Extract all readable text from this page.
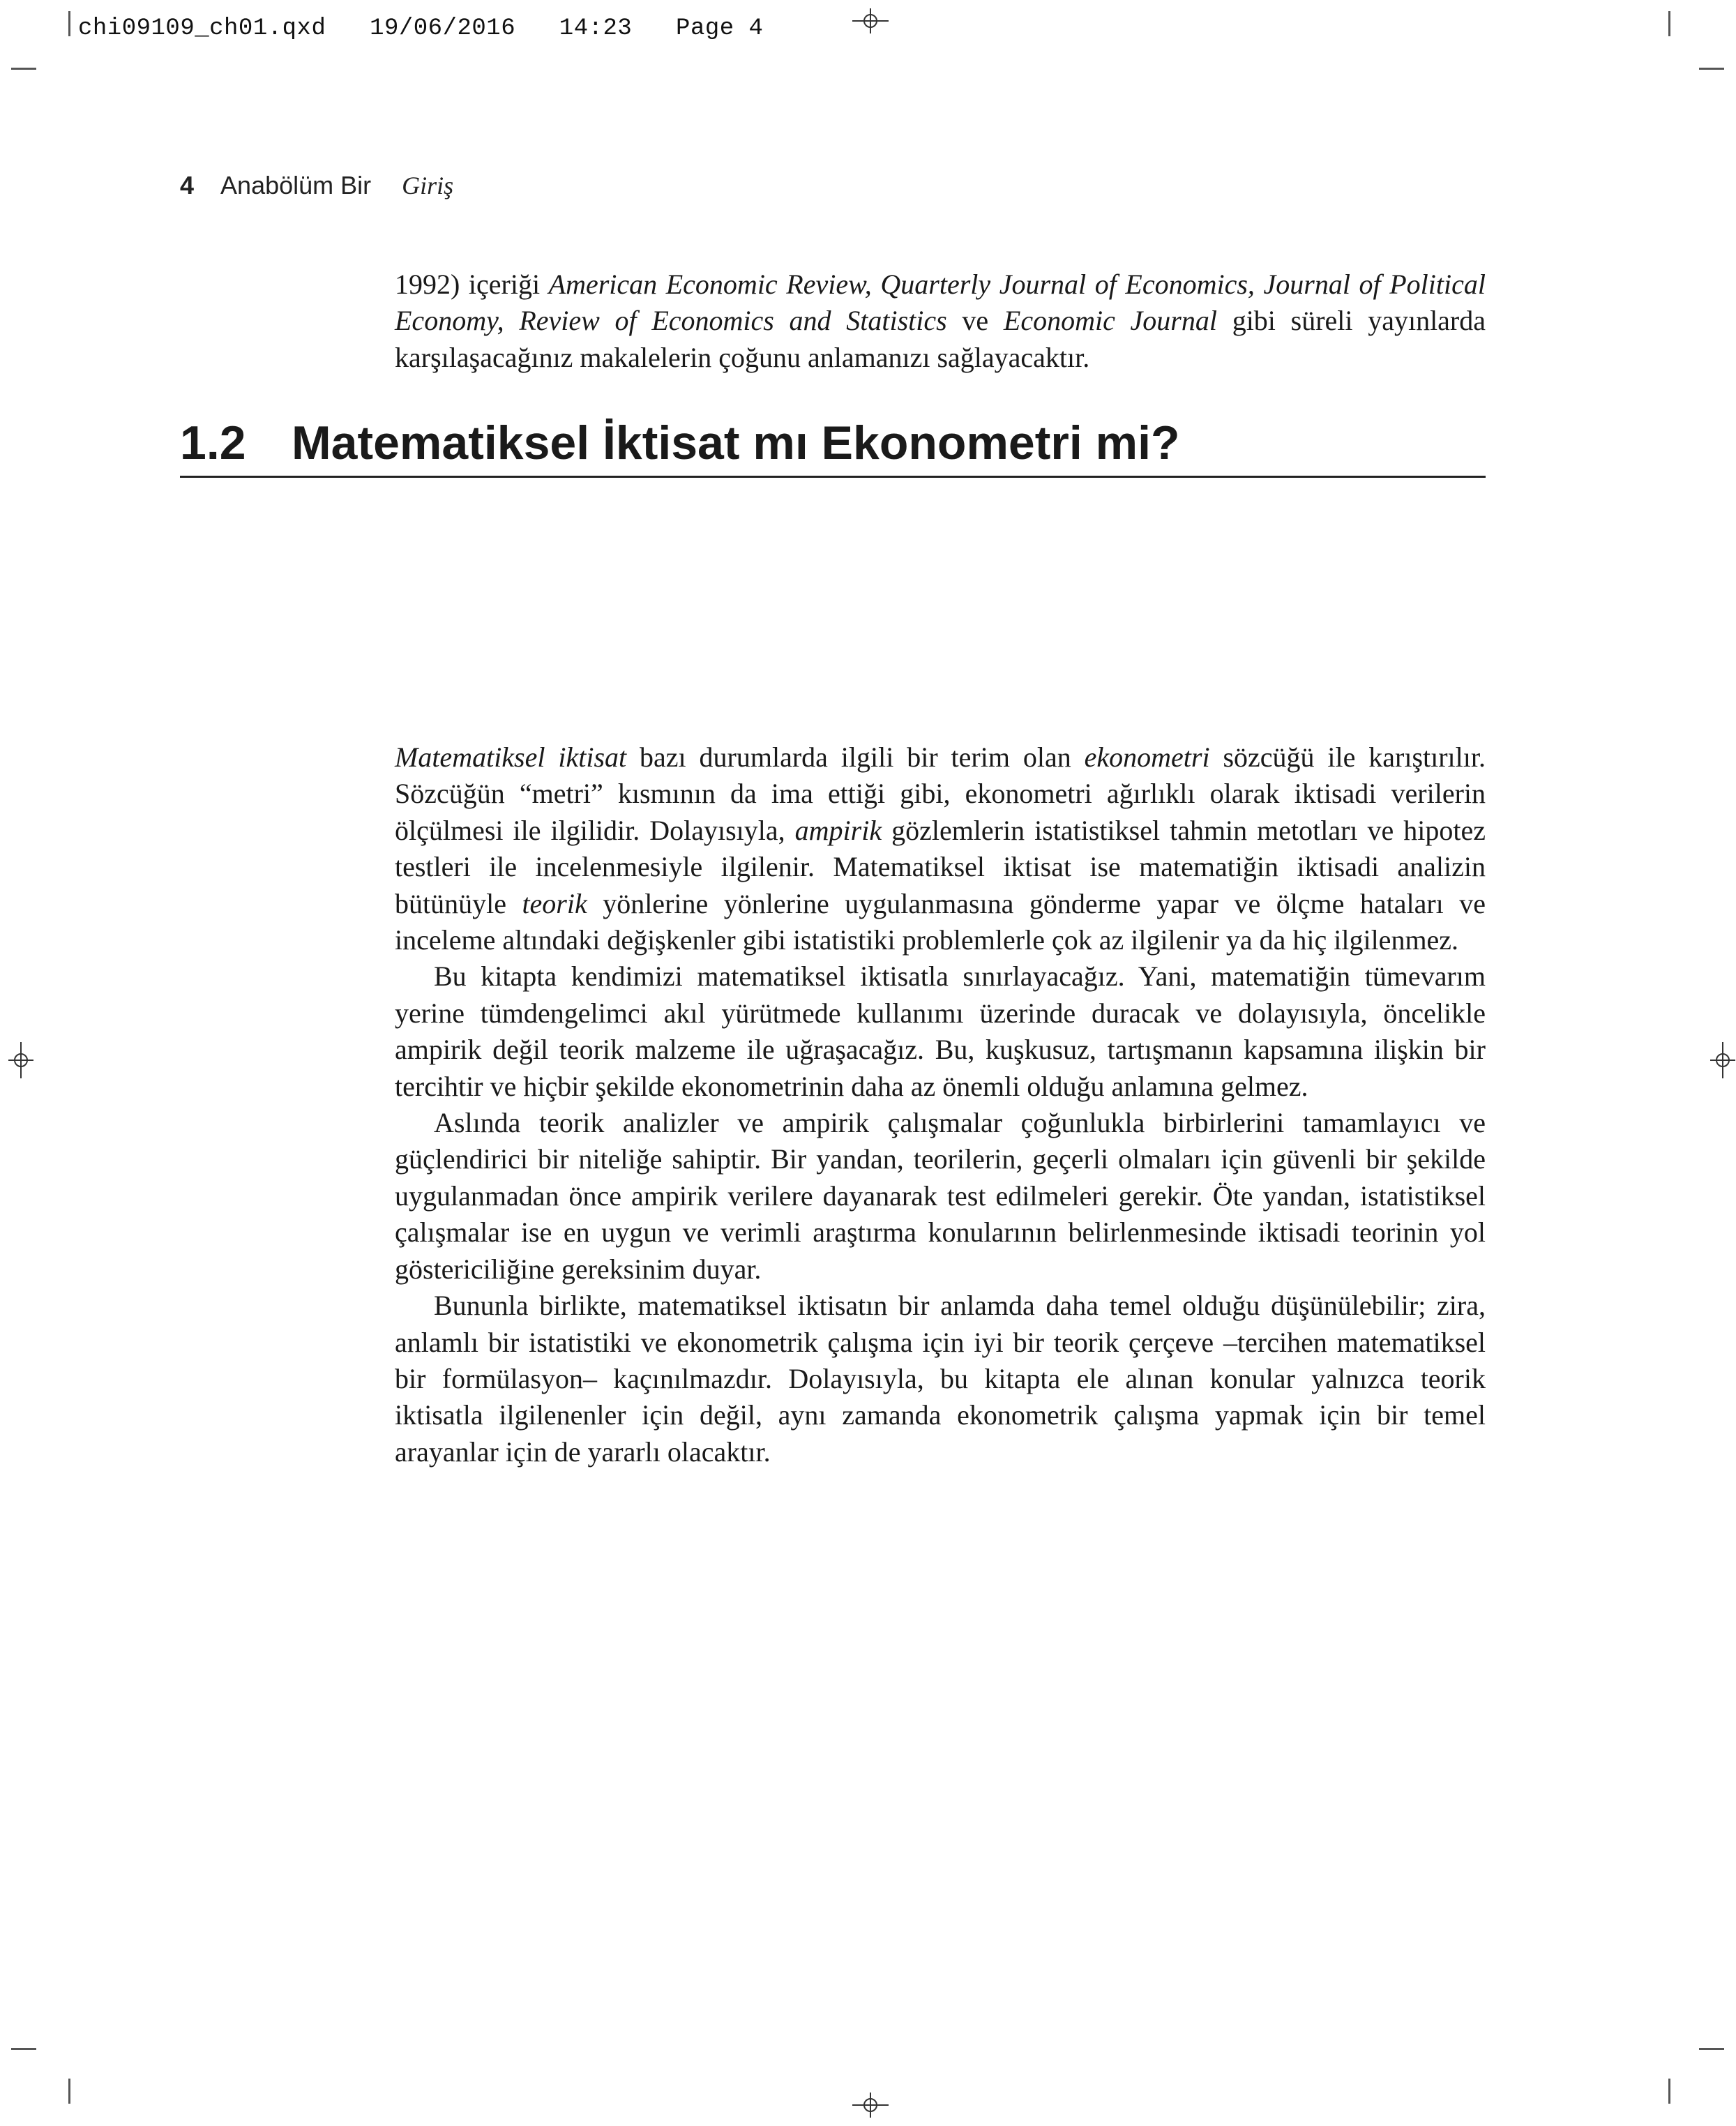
chi09109_ch01.qxd   19/06/2016   14:23   Page 4
4 Anabölüm Bir Giriş

1992) içeriği American Economic Review, Quarterly Journal of Economics, Journal of Political Economy, Review of Economics and Statistics ve Economic Journal gibi süreli yayınlarda karşılaşacağınız makalelerin çoğunu anlamanızı sağlayacaktır.

1.2 Matematiksel İktisat mı Ekonometri mi?

Matematiksel iktisat bazı durumlarda ilgili bir terim olan ekonometri sözcüğü ile karıştırılır. Sözcüğün “metri” kısmının da ima ettiği gibi, ekonometri ağırlıklı olarak iktisadi verilerin ölçülmesi ile ilgilidir. Dolayısıyla, ampirik gözlemlerin istatistiksel tahmin metotları ve hipotez testleri ile incelenmesiyle ilgilenir. Matematiksel iktisat ise matematiğin iktisadi analizin bütünüyle teorik yönlerine yönlerine uygulanmasına gönderme yapar ve ölçme hataları ve inceleme altındaki değişkenler gibi istatistiki problemlerle çok az ilgilenir ya da hiç ilgilenmez.

Bu kitapta kendimizi matematiksel iktisatla sınırlayacağız. Yani, matematiğin tümevarım yerine tümdengelimci akıl yürütmede kullanımı üzerinde duracak ve dolayısıyla, öncelikle ampirik değil teorik malzeme ile uğraşacağız. Bu, kuşkusuz, tartışmanın kapsamına ilişkin bir tercihtir ve hiçbir şekilde ekonometrinin daha az önemli olduğu anlamına gelmez.

Aslında teorik analizler ve ampirik çalışmalar çoğunlukla birbirlerini tamamlayıcı ve güçlendirici bir niteliğe sahiptir. Bir yandan, teorilerin, geçerli olmaları için güvenli bir şekilde uygulanmadan önce ampirik verilere dayanarak test edilmeleri gerekir. Öte yandan, istatistiksel çalışmalar ise en uygun ve verimli araştırma konularının belirlenmesinde iktisadi teorinin yol göstericiliğine gereksinim duyar.

Bununla birlikte, matematiksel iktisatın bir anlamda daha temel olduğu düşünülebilir; zira, anlamlı bir istatistiki ve ekonometrik çalışma için iyi bir teorik çerçeve –tercihen matematiksel bir formülasyon– kaçınılmazdır. Dolayısıyla, bu kitapta ele alınan konular yalnızca teorik iktisatla ilgilenenler için değil, aynı zamanda ekonometrik çalışma yapmak için bir temel arayanlar için de yararlı olacaktır.
